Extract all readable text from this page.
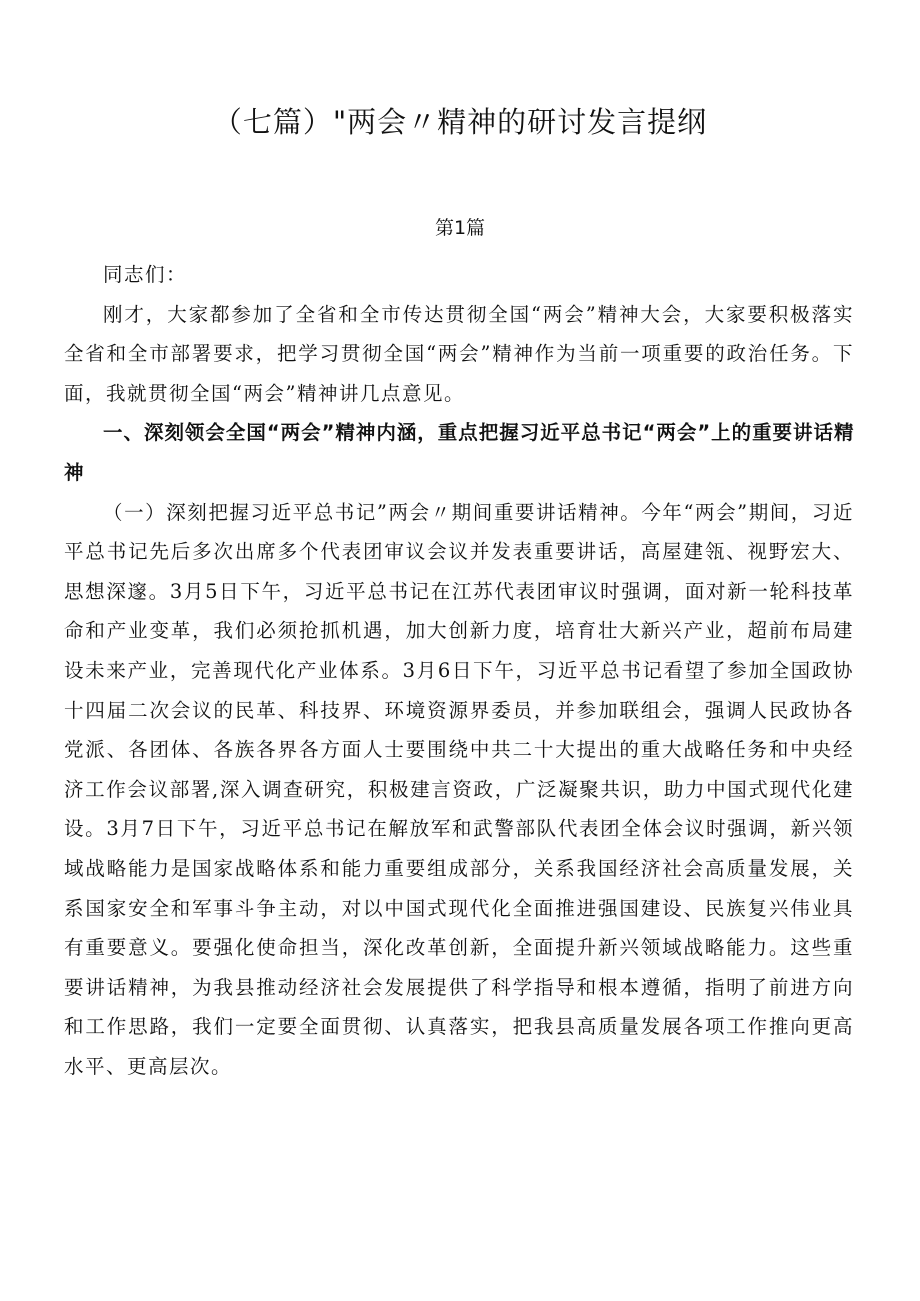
（七篇）"两会〃精神的研讨发言提纲
第1篇

同志们：

刚才，大家都参加了全省和全市传达贯彻全国“两会”精神大会，大家要积极落实全省和全市部署要求，把学习贯彻全国“两会”精神作为当前一项重要的政治任务。下面，我就贯彻全国“两会”精神讲几点意见。

一、深刻领会全国“两会”精神内涵，重点把握习近平总书记“两会”上的重要讲话精神

（一）深刻把握习近平总书记”两会〃期间重要讲话精神。今年“两会”期间，习近平总书记先后多次出席多个代表团审议会议并发表重要讲话，高屋建瓴、视野宏大、思想深邃。3月5日下午，习近平总书记在江苏代表团审议时强调，面对新一轮科技革命和产业变革，我们必须抢抓机遇，加大创新力度，培育壮大新兴产业，超前布局建设未来产业，完善现代化产业体系。3月6日下午，习近平总书记看望了参加全国政协十四届二次会议的民革、科技界、环境资源界委员，并参加联组会，强调人民政协各党派、各团体、各族各界各方面人士要围绕中共二十大提出的重大战略任务和中央经济工作会议部署,深入调查研究，积极建言资政，广泛凝聚共识，助力中国式现代化建设。3月7日下午，习近平总书记在解放军和武警部队代表团全体会议时强调，新兴领域战略能力是国家战略体系和能力重要组成部分，关系我国经济社会高质量发展，关系国家安全和军事斗争主动，对以中国式现代化全面推进强国建设、民族复兴伟业具有重要意义。要强化使命担当，深化改革创新，全面提升新兴领域战略能力。这些重要讲话精神，为我县推动经济社会发展提供了科学指导和根本遵循，指明了前进方向和工作思路，我们一定要全面贯彻、认真落实，把我县高质量发展各项工作推向更高水平、更高层次。
